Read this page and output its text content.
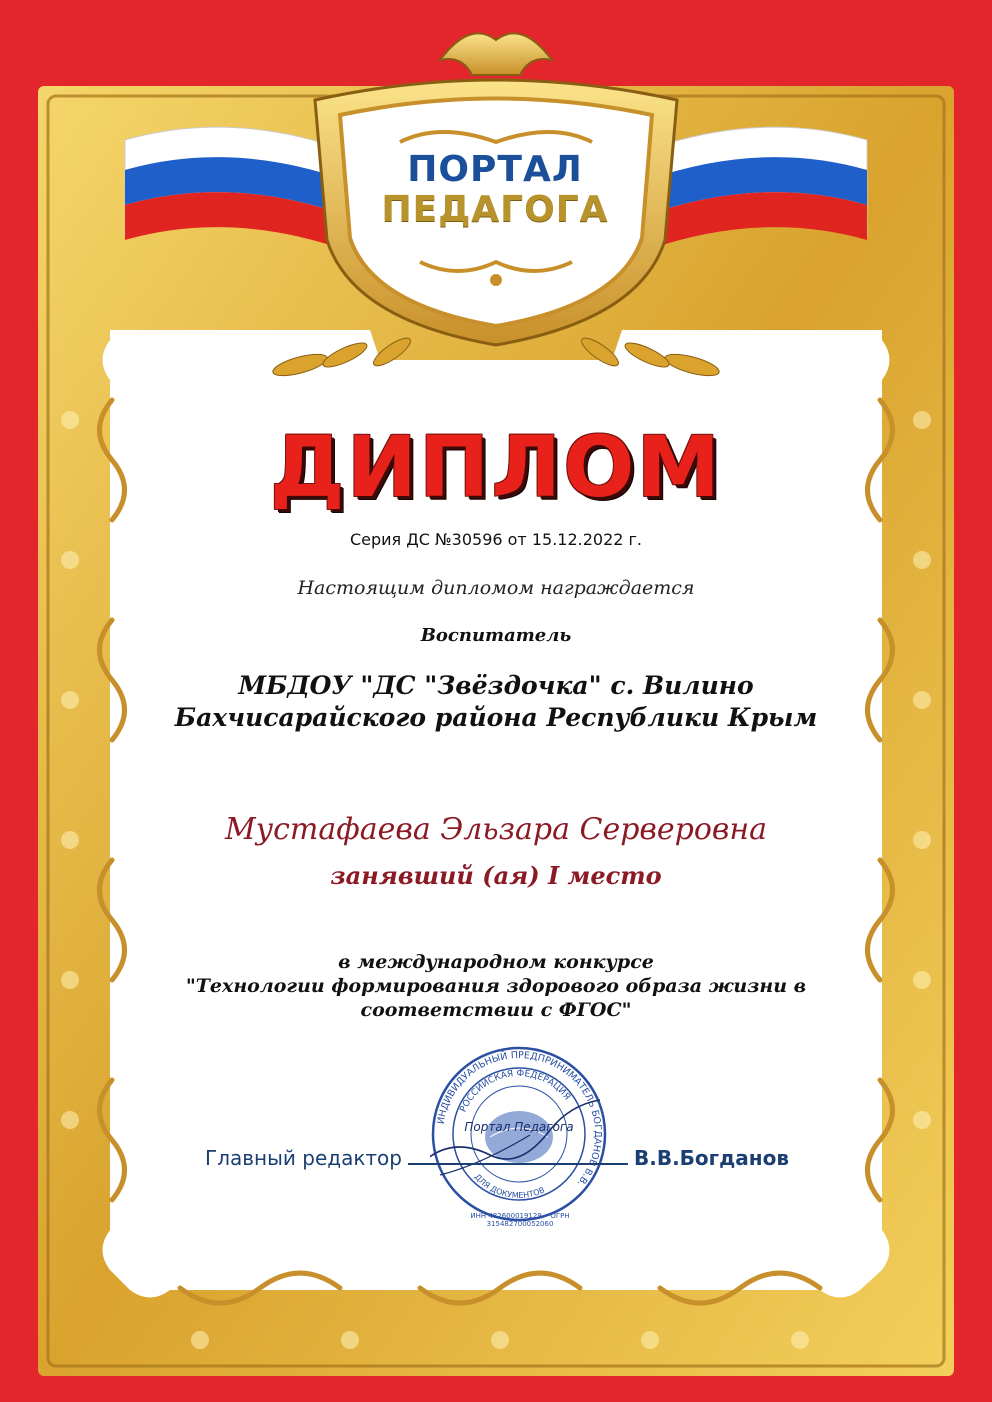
ПОРТАЛ
ПЕДАГОГА
ДИПЛОМ
Серия ДС №30596 от 15.12.2022 г.
Настоящим дипломом награждается
Воспитатель
МБДОУ "ДС "Звёздочка" с. Вилино
Бахчисарайского района Республики Крым
Мустафаева Эльзара Серверовна
занявший (ая) I место
в международном конкурсе
"Технологии формирования здорового образа жизни в
соответствии с ФГОС"
ИНДИВИДУАЛЬНЫЙ ПРЕДПРИНИМАТЕЛЬ БОГДАНОВ В.В.
РОССИЙСКАЯ ФЕДЕРАЦИЯ
ДЛЯ ДОКУМЕНТОВ
Портал Педагога
ИНН 482600019129 • ОГРН 315482700052060
Главный редактор	В.В.Богданов
